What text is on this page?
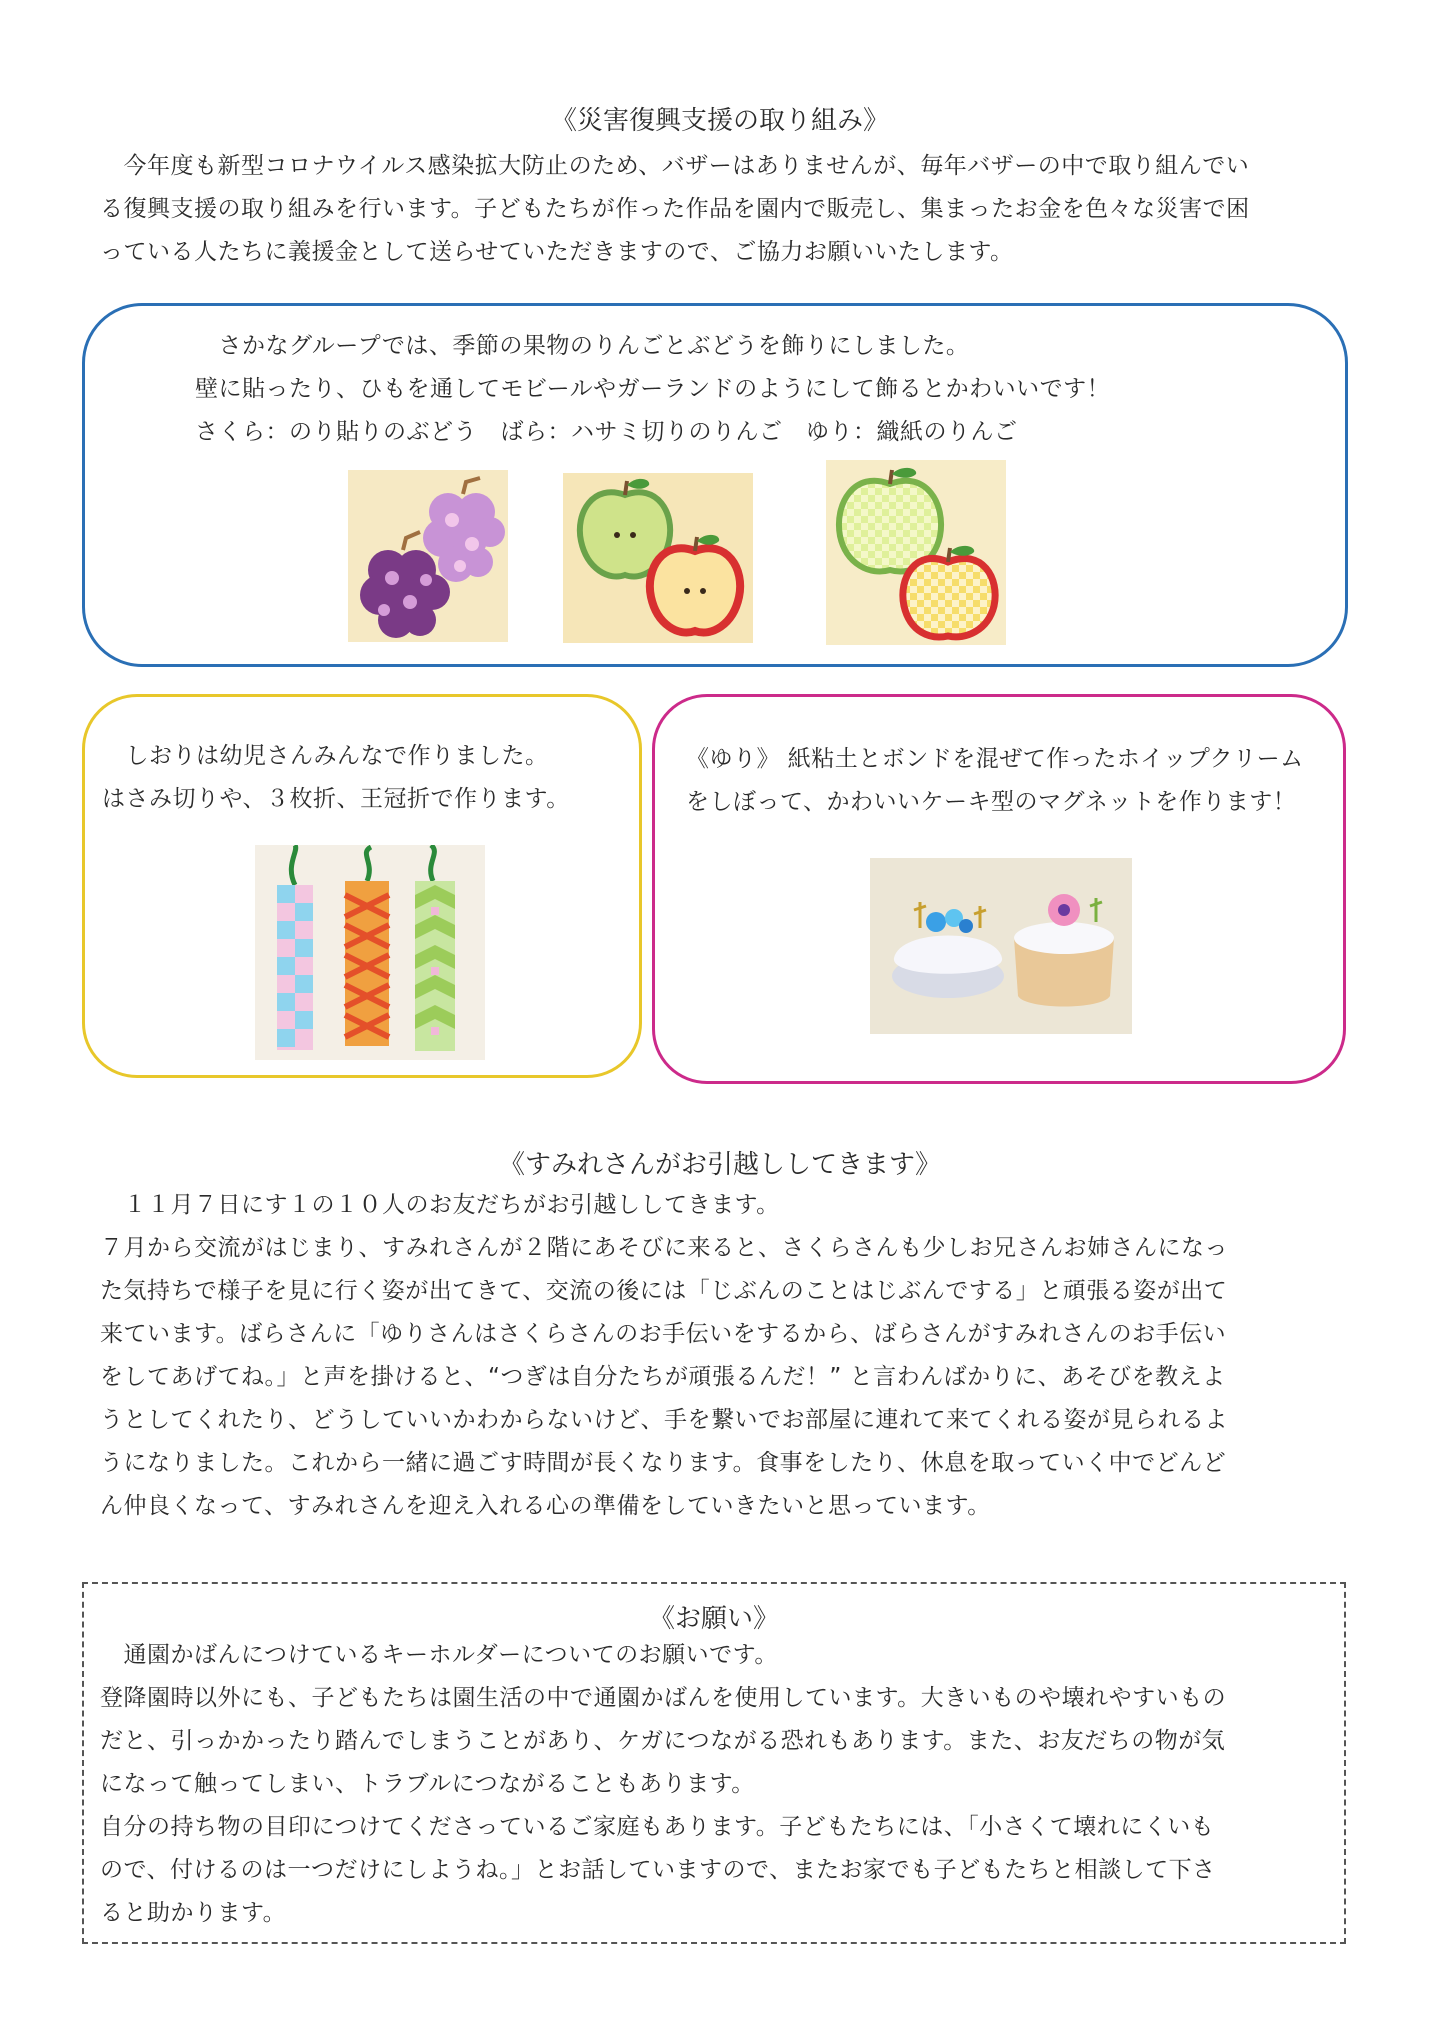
《災害復興支援の取り組み》

　今年度も新型コロナウイルス感染拡大防止のため、バザーはありませんが、毎年バザーの中で取り組んでい

る復興支援の取り組みを行います。子どもたちが作った作品を園内で販売し、集まったお金を色々な災害で困

っている人たちに義援金として送らせていただきますので、ご協力お願いいたします。

　さかなグループでは、季節の果物のりんごとぶどうを飾りにしました。

壁に貼ったり、ひもを通してモビールやガーランドのようにして飾るとかわいいです！

さくら：のり貼りのぶどう　ばら：ハサミ切りのりんご　ゆり：織紙のりんご

　しおりは幼児さんみんなで作りました。

はさみ切りや、３枚折、王冠折で作ります。

《ゆり》 紙粘土とボンドを混ぜて作ったホイップクリーム

をしぼって、かわいいケーキ型のマグネットを作ります！

《すみれさんがお引越ししてきます》

　１１月７日にす１の１０人のお友だちがお引越ししてきます。

７月から交流がはじまり、すみれさんが２階にあそびに来ると、さくらさんも少しお兄さんお姉さんになっ

た気持ちで様子を見に行く姿が出てきて、交流の後には「じぶんのことはじぶんでする」と頑張る姿が出て

来ています。ばらさんに「ゆりさんはさくらさんのお手伝いをするから、ばらさんがすみれさんのお手伝い

をしてあげてね。」と声を掛けると、“つぎは自分たちが頑張るんだ！” と言わんばかりに、あそびを教えよ

うとしてくれたり、どうしていいかわからないけど、手を繋いでお部屋に連れて来てくれる姿が見られるよ

うになりました。これから一緒に過ごす時間が長くなります。食事をしたり、休息を取っていく中でどんど

ん仲良くなって、すみれさんを迎え入れる心の準備をしていきたいと思っています。

《お願い》

　通園かばんにつけているキーホルダーについてのお願いです。

登降園時以外にも、子どもたちは園生活の中で通園かばんを使用しています。大きいものや壊れやすいもの

だと、引っかかったり踏んでしまうことがあり、ケガにつながる恐れもあります。また、お友だちの物が気

になって触ってしまい、トラブルにつながることもあります。

自分の持ち物の目印につけてくださっているご家庭もあります。子どもたちには、「小さくて壊れにくいも

ので、付けるのは一つだけにしようね。」とお話していますので、またお家でも子どもたちと相談して下さ

ると助かります。
